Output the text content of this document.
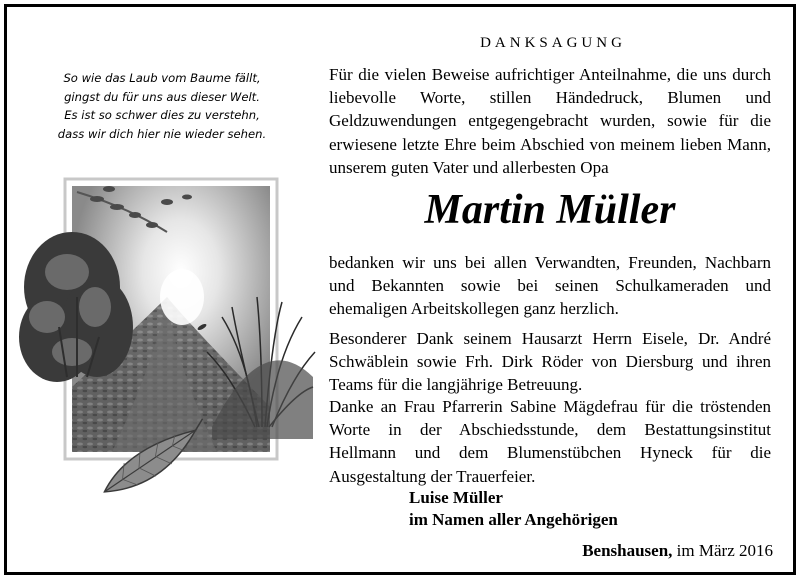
So wie das Laub vom Baume fällt,
gingst du für uns aus dieser Welt.
Es ist so schwer dies zu verstehn,
dass wir dich hier nie wieder sehen.
DANKSAGUNG
Für die vielen Beweise aufrichtiger Anteilnahme, die uns durch liebevolle Worte, stillen Händedruck, Blumen und Geldzuwendungen entgegengebracht wurden, sowie für die erwiesene letzte Ehre beim Abschied von meinem lieben Mann, unserem guten Vater und allerbesten Opa
Martin Müller
bedanken wir uns bei allen Verwandten, Freunden, Nachbarn und Bekannten sowie bei seinen Schulkameraden und ehemaligen Arbeitskollegen ganz herzlich.
Besonderer Dank seinem Hausarzt Herrn Eisele, Dr. André Schwäblein sowie Frh. Dirk Röder von Diersburg und ihren Teams für die langjährige Betreuung.
Danke an Frau Pfarrerin Sabine Mägdefrau für die tröstenden Worte in der Abschiedsstunde, dem Bestattungsinstitut Hellmann und dem Blumenstübchen Hyneck für die Ausgestaltung der Trauerfeier.
Luise Müller
im Namen aller Angehörigen
Benshausen, im März 2016
